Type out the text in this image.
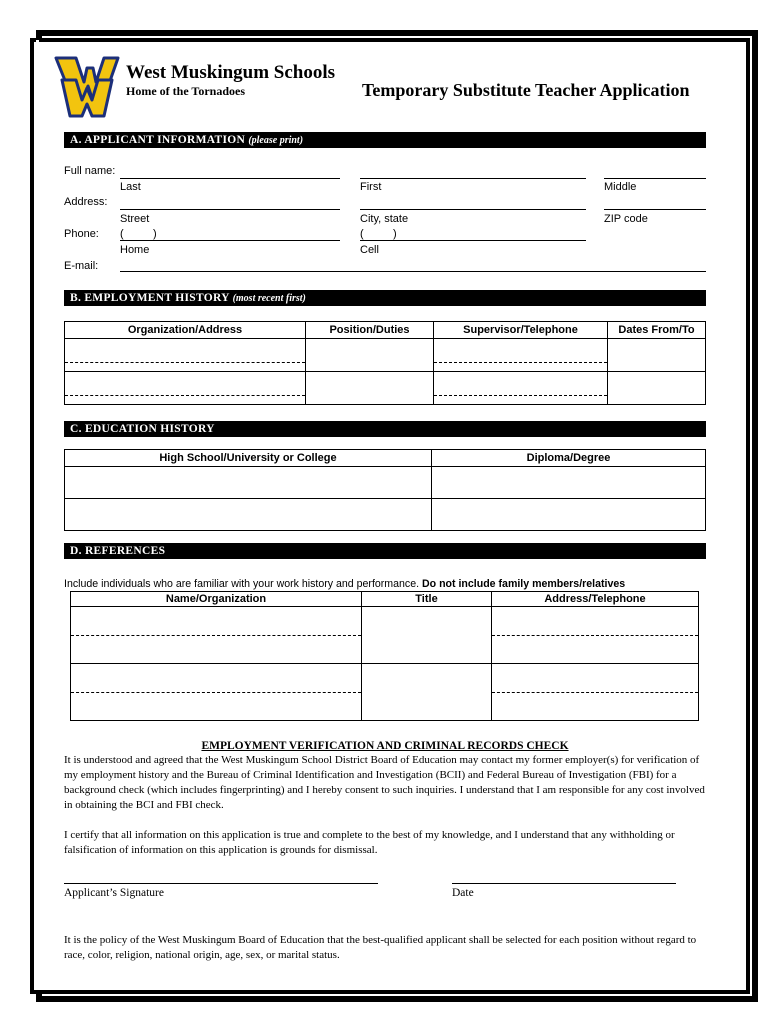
West Muskingum Schools
Home of the Tornadoes	Temporary Substitute Teacher Application
A. APPLICANT INFORMATION (please print)
Full name:
Last	First	Middle
Address:
Street	City, state	ZIP code
Phone: (	)	(	)
Home	Cell
E-mail:
B. EMPLOYMENT HISTORY (most recent first)
Organization/Address	Position/Duties	Supervisor/Telephone	Dates From/To

C. EDUCATION HISTORY
High School/University or College	Diploma/Degree

D. REFERENCES
Include individuals who are familiar with your work history and performance. Do not include family members/relatives
Name/Organization	Title	Address/Telephone

EMPLOYMENT VERIFICATION AND CRIMINAL RECORDS CHECK
It is understood and agreed that the West Muskingum School District Board of Education may contact my former employer(s) for verification of my employment history and the Bureau of Criminal Identification and Investigation (BCII) and Federal Bureau of Investigation (FBI) for a background check (which includes fingerprinting) and I hereby consent to such inquiries. I understand that I am responsible for any cost involved in obtaining the BCI and FBI check.
I certify that all information on this application is true and complete to the best of my knowledge, and I understand that any withholding or falsification of information on this application is grounds for dismissal.
Applicant’s Signature	Date
It is the policy of the West Muskingum Board of Education that the best-qualified applicant shall be selected for each position without regard to race, color, religion, national origin, age, sex, or marital status.
